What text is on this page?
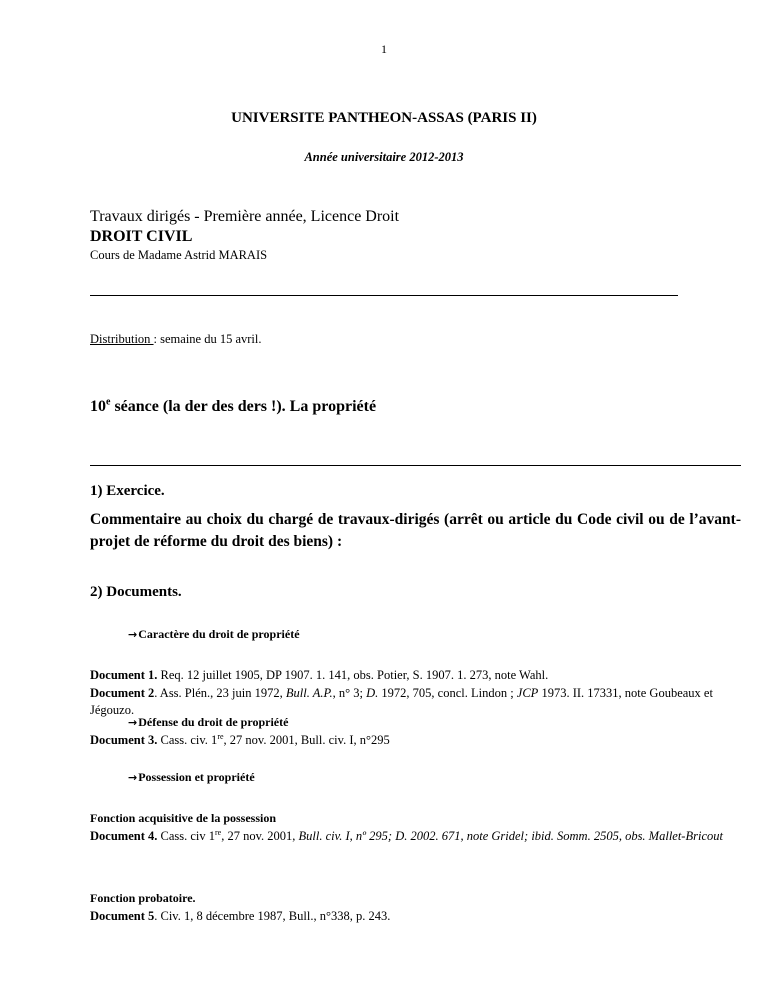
1
UNIVERSITE PANTHEON-ASSAS (PARIS II)
Année universitaire 2012-2013
Travaux dirigés - Première année, Licence Droit
DROIT CIVIL
Cours de Madame Astrid MARAIS
Distribution : semaine du 15 avril.
10e séance (la der des ders !). La propriété
1) Exercice.
Commentaire au choix du chargé de travaux-dirigés (arrêt ou article du Code civil ou de l’avant-projet de réforme du droit des biens) :
2) Documents.
→Caractère du droit de propriété
Document 1. Req. 12 juillet 1905, DP 1907. 1. 141, obs. Potier, S. 1907. 1. 273, note Wahl.
Document 2. Ass. Plén., 23 juin 1972, Bull. A.P., n° 3; D. 1972, 705, concl. Lindon ; JCP 1973. II. 17331, note Goubeaux et Jégouzo.
→Défense du droit de propriété
Document 3. Cass. civ. 1re, 27 nov. 2001, Bull. civ. I, n°295
→Possession et propriété
Fonction acquisitive de la possession
Document 4. Cass. civ 1re, 27 nov. 2001, Bull. civ. I, nº 295; D. 2002. 671, note Gridel; ibid. Somm. 2505, obs. Mallet-Bricout
Fonction probatoire.
Document 5. Civ. 1, 8 décembre 1987, Bull., n°338, p. 243.
